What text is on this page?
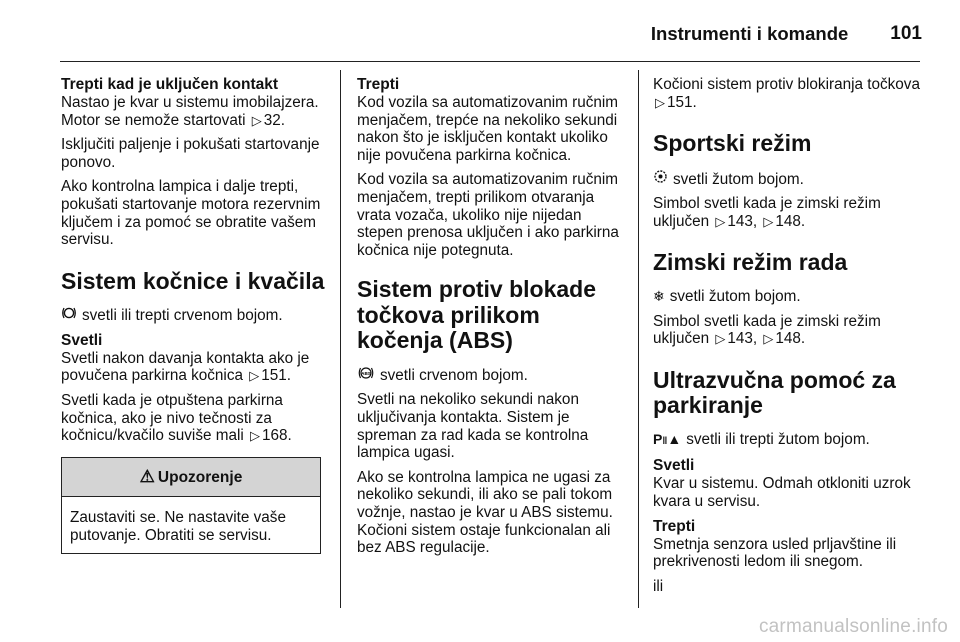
Instrumenti i komande 101
Trepti kad je uključen kontakt

Nastao je kvar u sistemu imobilajzera. Motor se nemože startovati ▷ 32.

Isključiti paljenje i pokušati startovanje ponovo.

Ako kontrolna lampica i dalje trepti, pokušati startovanje motora rezervnim ključem i za pomoć se obratite vašem servisu.

Sistem kočnice i kvačila

svetli ili trepti crvenom bojom.

Svetli

Svetli nakon davanja kontakta ako je povučena parkirna kočnica ▷ 151.

Svetli kada je otpuštena parkirna kočnica, ako je nivo tečnosti za kočnicu/kvačilo suviše mali ▷ 168.

⚠ Upozorenje
Zaustaviti se. Ne nastavite vaše putovanje. Obratiti se servisu.
Trepti

Kod vozila sa automatizovanim ručnim menjačem, trepće na nekoliko sekundi nakon što je isključen kontakt ukoliko nije povučena parkirna kočnica.

Kod vozila sa automatizovanim ručnim menjačem, trepti prilikom otvaranja vrata vozača, ukoliko nije nijedan stepen prenosa uključen i ako parkirna kočnica nije potegnuta.

Sistem protiv blokade točkova prilikom kočenja (ABS)

ABS svetli crvenom bojom.

Svetli na nekoliko sekundi nakon uključivanja kontakta. Sistem je spreman za rad kada se kontrolna lampica ugasi.

Ako se kontrolna lampica ne ugasi za nekoliko sekundi, ili ako se pali tokom vožnje, nastao je kvar u ABS sistemu. Kočioni sistem ostaje funkcionalan ali bez ABS regulacije.

Kočioni sistem protiv blokiranja točkova ▷ 151.

Sportski režim

svetli žutom bojom.

Simbol svetli kada je zimski režim uključen ▷ 143, ▷ 148.

Zimski režim rada

❄ svetli žutom bojom.

Simbol svetli kada je zimski režim uključen ▷ 143, ▷ 148.

Ultrazvučna pomoć za parkiranje

P‖▲ svetli ili trepti žutom bojom.

Svetli

Kvar u sistemu. Odmah otkloniti uzrok kvara u servisu.

Trepti

Smetnja senzora usled prljavštine ili prekrivenosti ledom ili snegom.

ili

carmanualsonline.info
